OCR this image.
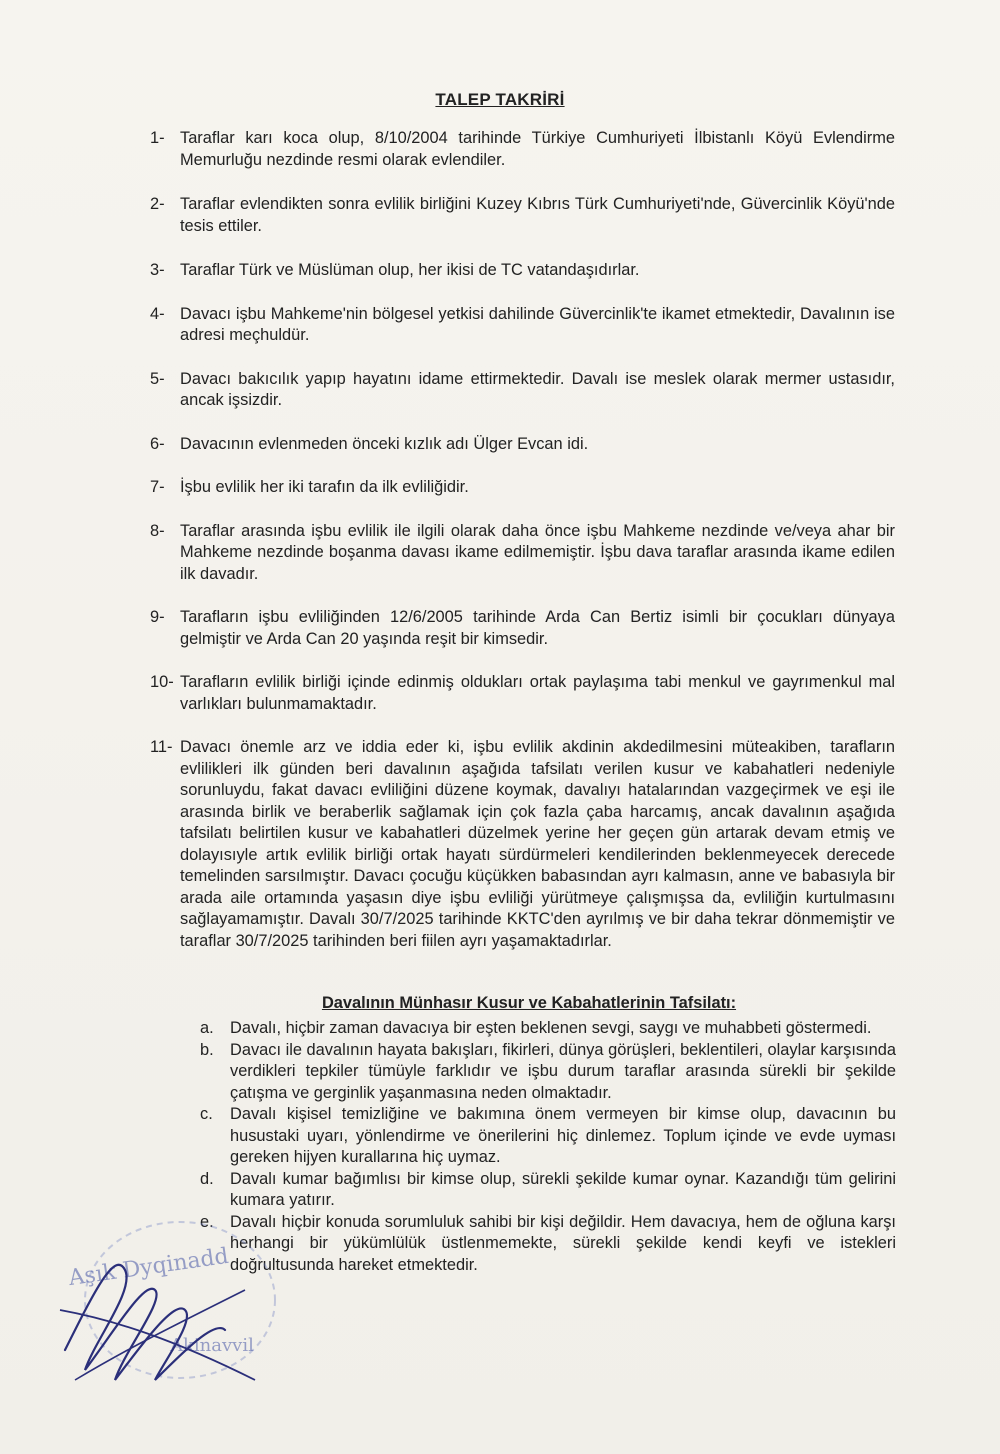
TALEP TAKRİRİ
1- Taraflar karı koca olup, 8/10/2004 tarihinde Türkiye Cumhuriyeti İlbistanlı Köyü Evlendirme Memurluğu nezdinde resmi olarak evlendiler.
2- Taraflar evlendikten sonra evlilik birliğini Kuzey Kıbrıs Türk Cumhuriyeti'nde, Güvercinlik Köyü'nde tesis ettiler.
3- Taraflar Türk ve Müslüman olup, her ikisi de TC vatandaşıdırlar.
4- Davacı işbu Mahkeme'nin bölgesel yetkisi dahilinde Güvercinlik'te ikamet etmektedir, Davalının ise adresi meçhuldür.
5- Davacı bakıcılık yapıp hayatını idame ettirmektedir. Davalı ise meslek olarak mermer ustasıdır, ancak işsizdir.
6- Davacının evlenmeden önceki kızlık adı Ülger Evcan idi.
7- İşbu evlilik her iki tarafın da ilk evliliğidir.
8- Taraflar arasında işbu evlilik ile ilgili olarak daha önce işbu Mahkeme nezdinde ve/veya ahar bir Mahkeme nezdinde boşanma davası ikame edilmemiştir. İşbu dava taraflar arasında ikame edilen ilk davadır.
9- Tarafların işbu evliliğinden 12/6/2005 tarihinde Arda Can Bertiz isimli bir çocukları dünyaya gelmiştir ve Arda Can 20 yaşında reşit bir kimsedir.
10- Tarafların evlilik birliği içinde edinmiş oldukları ortak paylaşıma tabi menkul ve gayrımenkul mal varlıkları bulunmamaktadır.
11- Davacı önemle arz ve iddia eder ki, işbu evlilik akdinin akdedilmesini müteakiben, tarafların evlilikleri ilk günden beri davalının aşağıda tafsilatı verilen kusur ve kabahatleri nedeniyle sorunluydu, fakat davacı evliliğini düzene koymak, davalıyı hatalarından vazgeçirmek ve eşi ile arasında birlik ve beraberlik sağlamak için çok fazla çaba harcamış, ancak davalının aşağıda tafsilatı belirtilen kusur ve kabahatleri düzelmek yerine her geçen gün artarak devam etmiş ve dolayısıyle artık evlilik birliği ortak hayatı sürdürmeleri kendilerinden beklenmeyecek derecede temelinden sarsılmıştır. Davacı çocuğu küçükken babasından ayrı kalmasın, anne ve babasıyla bir arada aile ortamında yaşasın diye işbu evliliği yürütmeye çalışmışsa da, evliliğin kurtulmasını sağlayamamıştır. Davalı 30/7/2025 tarihinde KKTC'den ayrılmış ve bir daha tekrar dönmemiştir ve taraflar 30/7/2025 tarihinden beri fiilen ayrı yaşamaktadırlar.
Davalının Münhasır Kusur ve Kabahatlerinin Tafsilatı:
a. Davalı, hiçbir zaman davacıya bir eşten beklenen sevgi, saygı ve muhabbeti göstermedi.
b. Davacı ile davalının hayata bakışları, fikirleri, dünya görüşleri, beklentileri, olaylar karşısında verdikleri tepkiler tümüyle farklıdır ve işbu durum taraflar arasında sürekli bir şekilde çatışma ve gerginlik yaşanmasına neden olmaktadır.
c.	Davalı kişisel temizliğine ve bakımına önem vermeyen bir kimse olup, davacının bu husustaki uyarı, yönlendirme ve önerilerini hiç dinlemez. Toplum içinde ve evde uyması gereken hijyen kurallarına hiç uymaz.
d. Davalı kumar bağımlısı bir kimse olup, sürekli şekilde kumar oynar. Kazandığı tüm gelirini kumara yatırır.
e. Davalı hiçbir konuda sorumluluk sahibi bir kişi değildir. Hem davacıya, hem de oğluna karşı herhangi bir yükümlülük üstlenmemekte, sürekli şekilde kendi keyfi ve istekleri doğrultusunda hareket etmektedir.
Aşık Dyqinadd
Akinavvil
